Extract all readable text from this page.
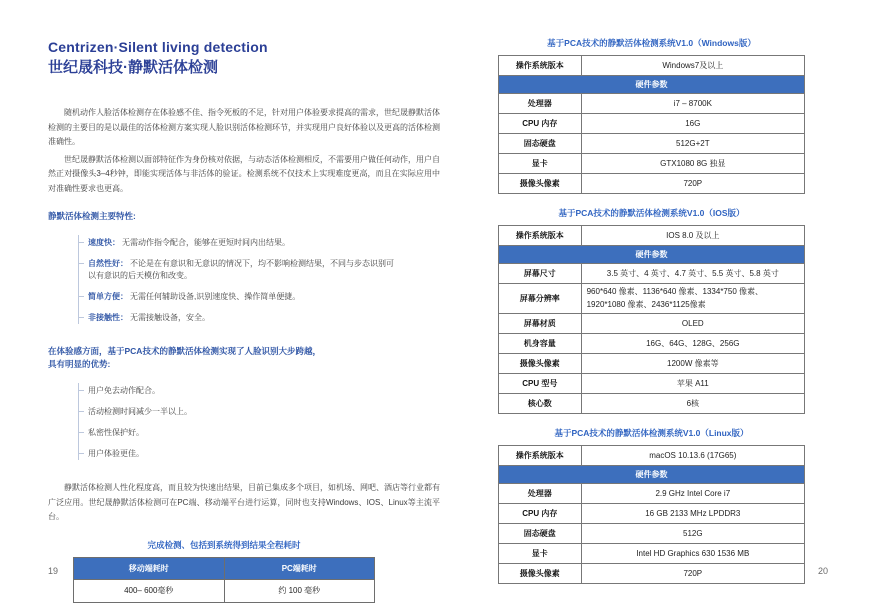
Centrizen·Silent living detection
世纪晟科技·静默活体检测

随机动作人脸活体检测存在体验感不佳、指令死板的不足，针对用户体验要求提高的需求，世纪晟静默活体检测的主要目的是以最佳的活体检测方案实现人脸识别活体检测环节，并实现用户良好体验以及更高的活体检测准确性。

世纪晟静默活体检测以面部特征作为身份核对依据，与动态活体检测相反，不需要用户做任何动作，用户自然正对摄像头3–4秒钟，即能实现活体与非活体的验证。检测系统不仅技术上实现难度更高，而且在实际应用中对准确性要求也更高。

静默活体检测主要特性:

速度快： 无需动作指令配合，能够在更短时间内出结果。
自然性好： 不论是在有意识和无意识的情况下，均不影响检测结果，不同与步态识别可以有意识的后天模仿和改变。
简单方便： 无需任何辅助设备,识别速度快、操作简单便捷。
非接触性： 无需接触设备，安全。

在体验感方面，基于PCA技术的静默活体检测实现了人脸识别大步跨越，
具有明显的优势:

用户免去动作配合。
活动检测时间减少一半以上。
私密性保护好。
用户体验更佳。

静默活体检测人性化程度高，而且较为快速出结果，目前已集成多个项目，如机场、网吧、酒店等行业都有广泛应用。世纪晟静默活体检测可在PC端、移动端平台进行运算，同时也支持Windows、IOS、Linux等主流平台。

完成检测、包括到系统得到结果全程耗时
移动端耗时	PC端耗时
400– 600毫秒	约 100 毫秒
基于PCA技术的静默活体检测系统V1.0（Windows版）
操作系统版本	Windows7及以上
硬件参数	
处理器	i7 – 8700K
CPU 内存	16G
固态硬盘	512G+2T
显卡	GTX1080 8G 独显
摄像头像素	720P
基于PCA技术的静默活体检测系统V1.0（IOS版）
操作系统版本	IOS 8.0 及以上
硬件参数	
屏幕尺寸	3.5 英寸、4 英寸、4.7 英寸、5.5 英寸、5.8 英寸
屏幕分辨率	960*640 像素、1136*640 像素、1334*750 像素、1920*1080 像素、2436*1125像素
屏幕材质	OLED
机身容量	16G、64G、128G、256G
摄像头像素	1200W 像素等
CPU 型号	苹果 A11
核心数	6核
基于PCA技术的静默活体检测系统V1.0（Linux版）
操作系统版本	macOS 10.13.6 (17G65)
硬件参数	
处理器	2.9 GHz Intel Core i7
CPU 内存	16 GB 2133 MHz LPDDR3
固态硬盘	512G
显卡	Intel HD Graphics 630 1536 MB
摄像头像素	720P
19	20
